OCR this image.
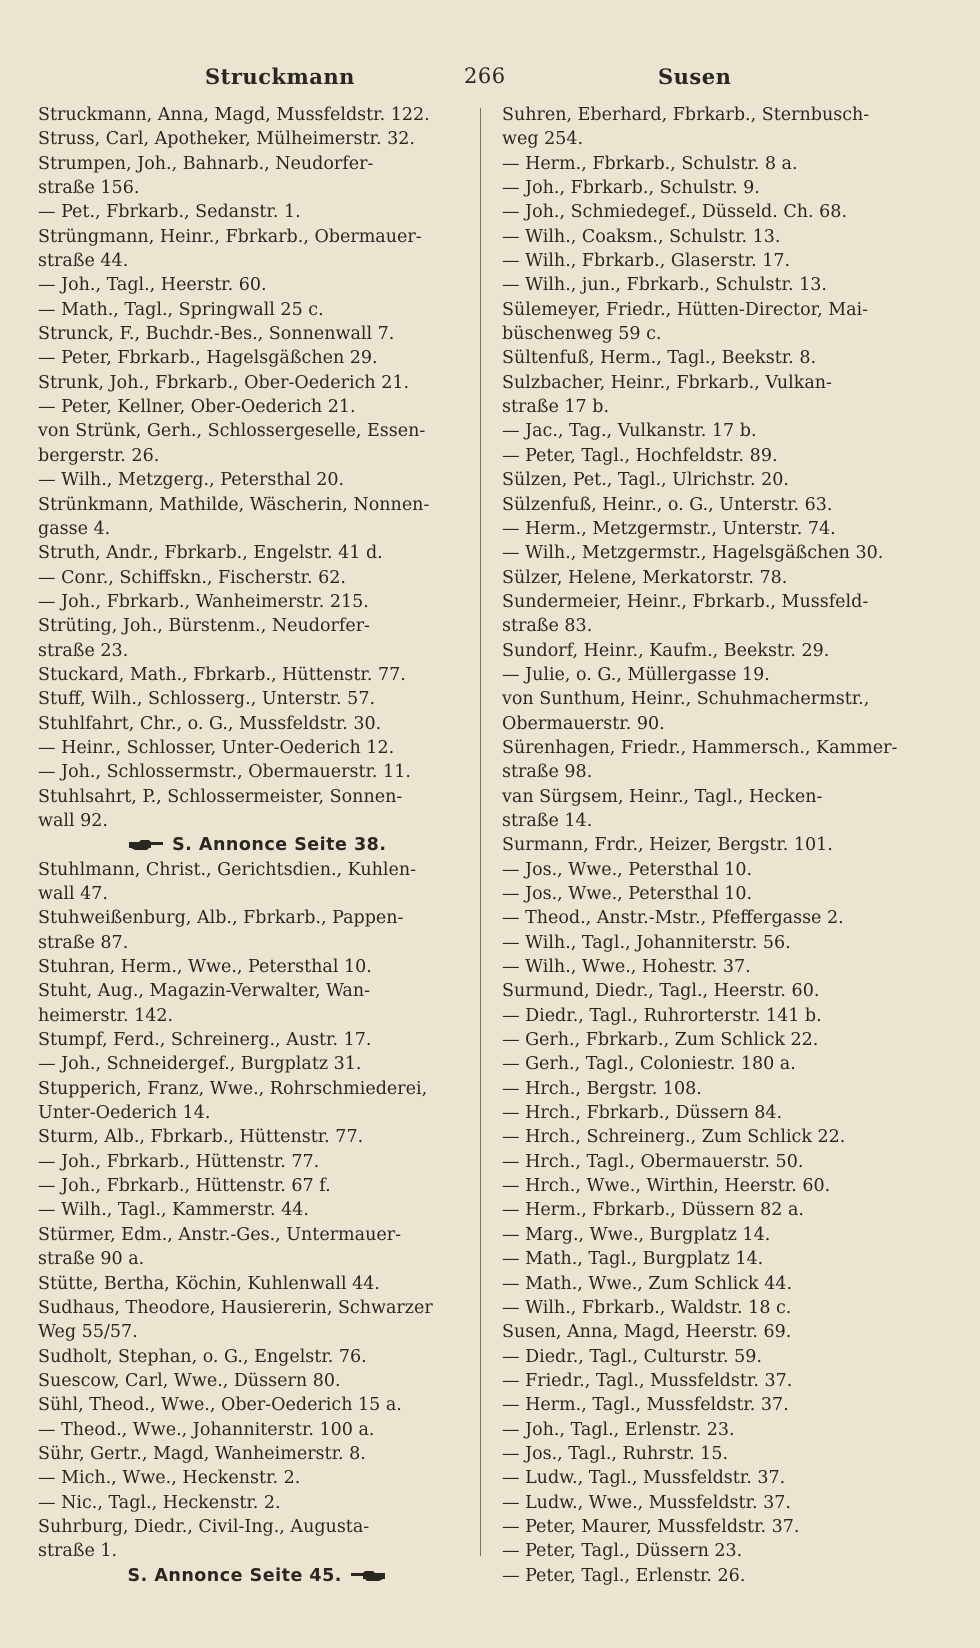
Struckmann	266	Susen
Struckmann, Anna, Magd, Mussfeldstr. 122.
Struss, Carl, Apotheker, Mülheimerstr. 32.
Strumpen, Joh., Bahnarb., Neudorfer-
straße 156.
— Pet., Fbrkarb., Sedanstr. 1.
Strüngmann, Heinr., Fbrkarb., Obermauer-
straße 44.
— Joh., Tagl., Heerstr. 60.
— Math., Tagl., Springwall 25 c.
Strunck, F., Buchdr.-Bes., Sonnenwall 7.
— Peter, Fbrkarb., Hagelsgäßchen 29.
Strunk, Joh., Fbrkarb., Ober-Oederich 21.
— Peter, Kellner, Ober-Oederich 21.
von Strünk, Gerh., Schlossergeselle, Essen-
bergerstr. 26.
— Wilh., Metzgerg., Petersthal 20.
Strünkmann, Mathilde, Wäscherin, Nonnen-
gasse 4.
Struth, Andr., Fbrkarb., Engelstr. 41 d.
— Conr., Schiffskn., Fischerstr. 62.
— Joh., Fbrkarb., Wanheimerstr. 215.
Strüting, Joh., Bürstenm., Neudorfer-
straße 23.
Stuckard, Math., Fbrkarb., Hüttenstr. 77.
Stuff, Wilh., Schlosserg., Unterstr. 57.
Stuhlfahrt, Chr., o. G., Mussfeldstr. 30.
— Heinr., Schlosser, Unter-Oederich 12.
— Joh., Schlossermstr., Obermauerstr. 11.
Stuhlsahrt, P., Schlossermeister, Sonnen-
wall 92.
S. Annonce Seite 38.
Stuhlmann, Christ., Gerichtsdien., Kuhlen-
wall 47.
Stuhweißenburg, Alb., Fbrkarb., Pappen-
straße 87.
Stuhran, Herm., Wwe., Petersthal 10.
Stuht, Aug., Magazin-Verwalter, Wan-
heimerstr. 142.
Stumpf, Ferd., Schreinerg., Austr. 17.
— Joh., Schneidergef., Burgplatz 31.
Stupperich, Franz, Wwe., Rohrschmiederei,
Unter-Oederich 14.
Sturm, Alb., Fbrkarb., Hüttenstr. 77.
— Joh., Fbrkarb., Hüttenstr. 77.
— Joh., Fbrkarb., Hüttenstr. 67 f.
— Wilh., Tagl., Kammerstr. 44.
Stürmer, Edm., Anstr.-Ges., Untermauer-
straße 90 a.
Stütte, Bertha, Köchin, Kuhlenwall 44.
Sudhaus, Theodore, Hausiererin, Schwarzer
Weg 55/57.
Sudholt, Stephan, o. G., Engelstr. 76.
Suescow, Carl, Wwe., Düssern 80.
Sühl, Theod., Wwe., Ober-Oederich 15 a.
— Theod., Wwe., Johanniterstr. 100 a.
Sühr, Gertr., Magd, Wanheimerstr. 8.
— Mich., Wwe., Heckenstr. 2.
— Nic., Tagl., Heckenstr. 2.
Suhrburg, Diedr., Civil-Ing., Augusta-
straße 1.
S. Annonce Seite 45.
Suhren, Eberhard, Fbrkarb., Sternbusch-
weg 254.
— Herm., Fbrkarb., Schulstr. 8 a.
— Joh., Fbrkarb., Schulstr. 9.
— Joh., Schmiedegef., Düsseld. Ch. 68.
— Wilh., Coaksm., Schulstr. 13.
— Wilh., Fbrkarb., Glaserstr. 17.
— Wilh., jun., Fbrkarb., Schulstr. 13.
Sülemeyer, Friedr., Hütten-Director, Mai-
büschenweg 59 c.
Sültenfuß, Herm., Tagl., Beekstr. 8.
Sulzbacher, Heinr., Fbrkarb., Vulkan-
straße 17 b.
— Jac., Tag., Vulkanstr. 17 b.
— Peter, Tagl., Hochfeldstr. 89.
Sülzen, Pet., Tagl., Ulrichstr. 20.
Sülzenfuß, Heinr., o. G., Unterstr. 63.
— Herm., Metzgermstr., Unterstr. 74.
— Wilh., Metzgermstr., Hagelsgäßchen 30.
Sülzer, Helene, Merkatorstr. 78.
Sundermeier, Heinr., Fbrkarb., Mussfeld-
straße 83.
Sundorf, Heinr., Kaufm., Beekstr. 29.
— Julie, o. G., Müllergasse 19.
von Sunthum, Heinr., Schuhmachermstr.,
Obermauerstr. 90.
Sürenhagen, Friedr., Hammersch., Kammer-
straße 98.
van Sürgsem, Heinr., Tagl., Hecken-
straße 14.
Surmann, Frdr., Heizer, Bergstr. 101.
— Jos., Wwe., Petersthal 10.
— Jos., Wwe., Petersthal 10.
— Theod., Anstr.-Mstr., Pfeffergasse 2.
— Wilh., Tagl., Johanniterstr. 56.
— Wilh., Wwe., Hohestr. 37.
Surmund, Diedr., Tagl., Heerstr. 60.
— Diedr., Tagl., Ruhrorterstr. 141 b.
— Gerh., Fbrkarb., Zum Schlick 22.
— Gerh., Tagl., Coloniestr. 180 a.
— Hrch., Bergstr. 108.
— Hrch., Fbrkarb., Düssern 84.
— Hrch., Schreinerg., Zum Schlick 22.
— Hrch., Tagl., Obermauerstr. 50.
— Hrch., Wwe., Wirthin, Heerstr. 60.
— Herm., Fbrkarb., Düssern 82 a.
— Marg., Wwe., Burgplatz 14.
— Math., Tagl., Burgplatz 14.
— Math., Wwe., Zum Schlick 44.
— Wilh., Fbrkarb., Waldstr. 18 c.
Susen, Anna, Magd, Heerstr. 69.
— Diedr., Tagl., Culturstr. 59.
— Friedr., Tagl., Mussfeldstr. 37.
— Herm., Tagl., Mussfeldstr. 37.
— Joh., Tagl., Erlenstr. 23.
— Jos., Tagl., Ruhrstr. 15.
— Ludw., Tagl., Mussfeldstr. 37.
— Ludw., Wwe., Mussfeldstr. 37.
— Peter, Maurer, Mussfeldstr. 37.
— Peter, Tagl., Düssern 23.
— Peter, Tagl., Erlenstr. 26.
